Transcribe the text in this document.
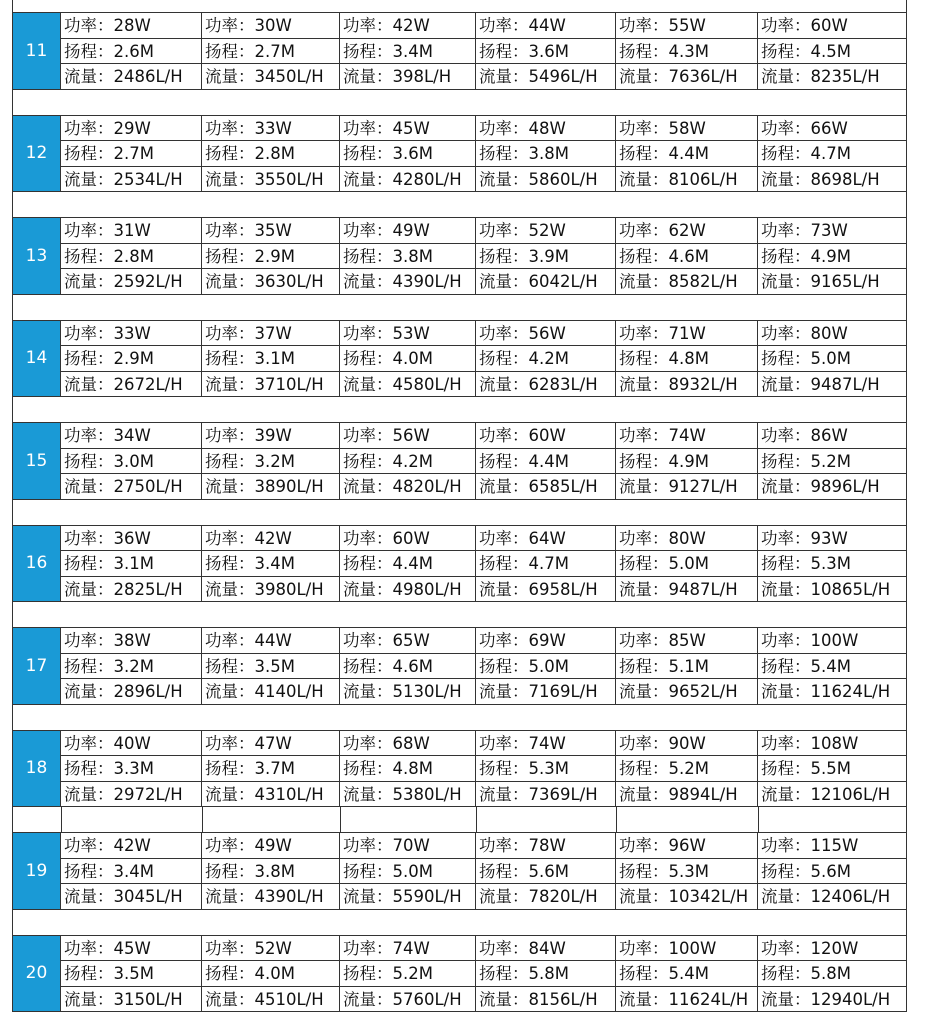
11
功率：28W	功率：30W	功率：42W	功率：44W	功率：55W	功率：60W
扬程：2.6M	扬程：2.7M	扬程：3.4M	扬程：3.6M	扬程：4.3M	扬程：4.5M
流量：2486L/H	流量：3450L/H	流量：398L/H	流量：5496L/H	流量：7636L/H	流量：8235L/H
12
功率：29W	功率：33W	功率：45W	功率：48W	功率：58W	功率：66W
扬程：2.7M	扬程：2.8M	扬程：3.6M	扬程：3.8M	扬程：4.4M	扬程：4.7M
流量：2534L/H	流量：3550L/H	流量：4280L/H	流量：5860L/H	流量：8106L/H	流量：8698L/H
13
功率：31W	功率：35W	功率：49W	功率：52W	功率：62W	功率：73W
扬程：2.8M	扬程：2.9M	扬程：3.8M	扬程：3.9M	扬程：4.6M	扬程：4.9M
流量：2592L/H	流量：3630L/H	流量：4390L/H	流量：6042L/H	流量：8582L/H	流量：9165L/H
14
功率：33W	功率：37W	功率：53W	功率：56W	功率：71W	功率：80W
扬程：2.9M	扬程：3.1M	扬程：4.0M	扬程：4.2M	扬程：4.8M	扬程：5.0M
流量：2672L/H	流量：3710L/H	流量：4580L/H	流量：6283L/H	流量：8932L/H	流量：9487L/H
15
功率：34W	功率：39W	功率：56W	功率：60W	功率：74W	功率：86W
扬程：3.0M	扬程：3.2M	扬程：4.2M	扬程：4.4M	扬程：4.9M	扬程：5.2M
流量：2750L/H	流量：3890L/H	流量：4820L/H	流量：6585L/H	流量：9127L/H	流量：9896L/H
16
功率：36W	功率：42W	功率：60W	功率：64W	功率：80W	功率：93W
扬程：3.1M	扬程：3.4M	扬程：4.4M	扬程：4.7M	扬程：5.0M	扬程：5.3M
流量：2825L/H	流量：3980L/H	流量：4980L/H	流量：6958L/H	流量：9487L/H	流量：10865L/H
17
功率：38W	功率：44W	功率：65W	功率：69W	功率：85W	功率：100W
扬程：3.2M	扬程：3.5M	扬程：4.6M	扬程：5.0M	扬程：5.1M	扬程：5.4M
流量：2896L/H	流量：4140L/H	流量：5130L/H	流量：7169L/H	流量：9652L/H	流量：11624L/H
18
功率：40W	功率：47W	功率：68W	功率：74W	功率：90W	功率：108W
扬程：3.3M	扬程：3.7M	扬程：4.8M	扬程：5.3M	扬程：5.2M	扬程：5.5M
流量：2972L/H	流量：4310L/H	流量：5380L/H	流量：7369L/H	流量：9894L/H	流量：12106L/H
19
功率：42W	功率：49W	功率：70W	功率：78W	功率：96W	功率：115W
扬程：3.4M	扬程：3.8M	扬程：5.0M	扬程：5.6M	扬程：5.3M	扬程：5.6M
流量：3045L/H	流量：4390L/H	流量：5590L/H	流量：7820L/H	流量：10342L/H 流量：12406L/H
20
功率：45W	功率：52W	功率：74W	功率：84W	功率：100W	功率：120W
扬程：3.5M	扬程：4.0M	扬程：5.2M	扬程：5.8M	扬程：5.4M	扬程：5.8M
流量：3150L/H	流量：4510L/H	流量：5760L/H	流量：8156L/H	流量：11624L/H 流量：12940L/H
